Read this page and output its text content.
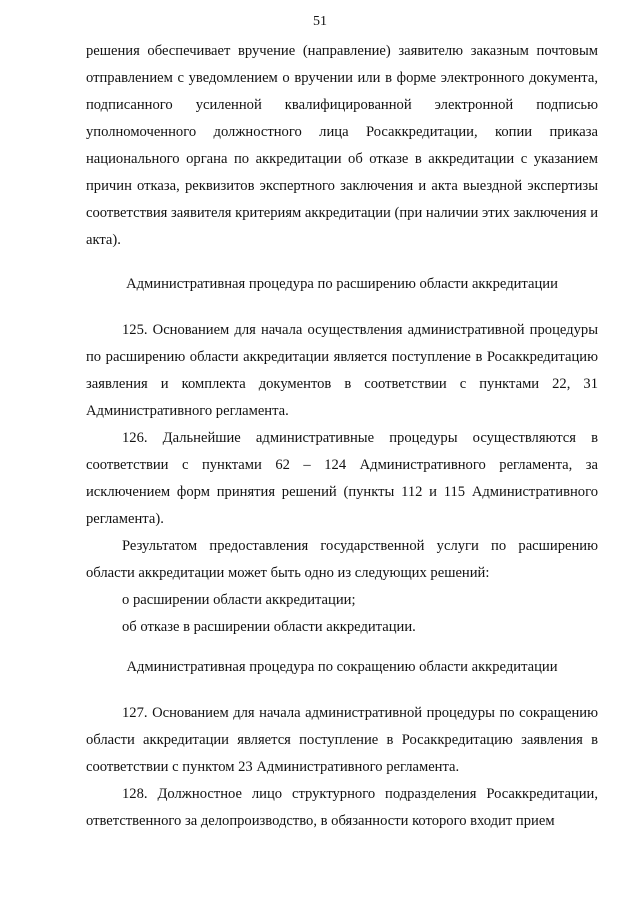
51

решения обеспечивает вручение (направление) заявителю заказным почтовым отправлением с уведомлением о вручении или в форме электронного документа, подписанного усиленной квалифицированной электронной подписью уполномоченного должностного лица Росаккредитации, копии приказа национального органа по аккредитации об отказе в аккредитации с указанием причин отказа, реквизитов экспертного заключения и акта выездной экспертизы соответствия заявителя критериям аккредитации (при наличии этих заключения и акта).

Административная процедура по расширению области аккредитации

125. Основанием для начала осуществления административной процедуры по расширению области аккредитации является поступление в Росаккредитацию заявления и комплекта документов в соответствии с пунктами 22, 31 Административного регламента.

126. Дальнейшие административные процедуры осуществляются в соответствии с пунктами 62 – 124 Административного регламента, за исключением форм принятия решений (пункты 112 и 115 Административного регламента).

Результатом предоставления государственной услуги по расширению области аккредитации может быть одно из следующих решений:

о расширении области аккредитации;

об отказе в расширении области аккредитации.

Административная процедура по сокращению области аккредитации

127. Основанием для начала административной процедуры по сокращению области аккредитации является поступление в Росаккредитацию заявления в соответствии с пунктом 23 Административного регламента.

128. Должностное лицо структурного подразделения Росаккредитации, ответственного за делопроизводство, в обязанности которого входит прием
